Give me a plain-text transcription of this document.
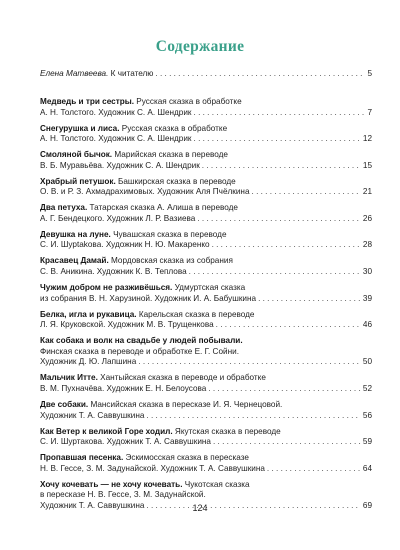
Содержание
Елена Матвеева. К читателю . . .	5
Медведь и три сестры. Русская сказка в обработке
А. Н. Толстого. Художник С. А. Шендрик . . .	7
Снегурушка и лиса. Русская сказка в обработке
А. Н. Толстого. Художник С. А. Шендрик . . .	12
Смоляной бычок. Марийская сказка в переводе
В. Б. Муравьёва. Художник С. А. Шендрик . . .	15
Храбрый петушок. Башкирская сказка в переводе
О. В. и Р. З. Ахмадрахимовых. Художник Аля Пчёлкина . . .	21
Два петуха. Татарская сказка А. Алиша в переводе
А. Г. Бендецкого. Художник Л. Р. Вазиева . . .	26
Девушка на луне. Чувашская сказка в переводе
С. И. Шурtakoвa. Художник Н. Ю. Макаренко . . .	28
Красавец Дамай. Мордовская сказка из собрания
С. В. Аникина. Художник К. В. Теплова . . .	30
Чужим добром не разживёшься. Удмуртская сказка
из собрания В. Н. Харузиной. Художник И. А. Бабушкина . . .	39
Белка, игла и рукавица. Карельская сказка в переводе
Л. Я. Круковской. Художник М. В. Трущенкова . . .	46
Как собака и волк на свадьбе у людей побывали.
Финская сказка в переводе и обработке Е. Г. Сойни.
Художник Д. Ю. Лапшина . . .	50
Мальчик Итте. Хантыйская сказка в переводе и обработке
В. М. Пухначёва. Художник Е. Н. Белоусова . . .	52
Две собаки. Мансийская сказка в пересказе И. Я. Чернецовой.
Художник Т. А. Саввушкина . . .	56
Как Ветер к великой Горе ходил. Якутская сказка в переводе
С. И. Шуртакова. Художник Т. А. Саввушкина . . .	59
Пропавшая песенка. Эскимосская сказка в пересказе
Н. В. Гессе, З. М. Задунайской. Художник Т. А. Саввушкина . . .	64
Хочу кочевать — не хочу кочевать. Чукотская сказка
в пересказе Н. В. Гессе, З. М. Задунайской.
Художник Т. А. Саввушкина . . .	69
124
